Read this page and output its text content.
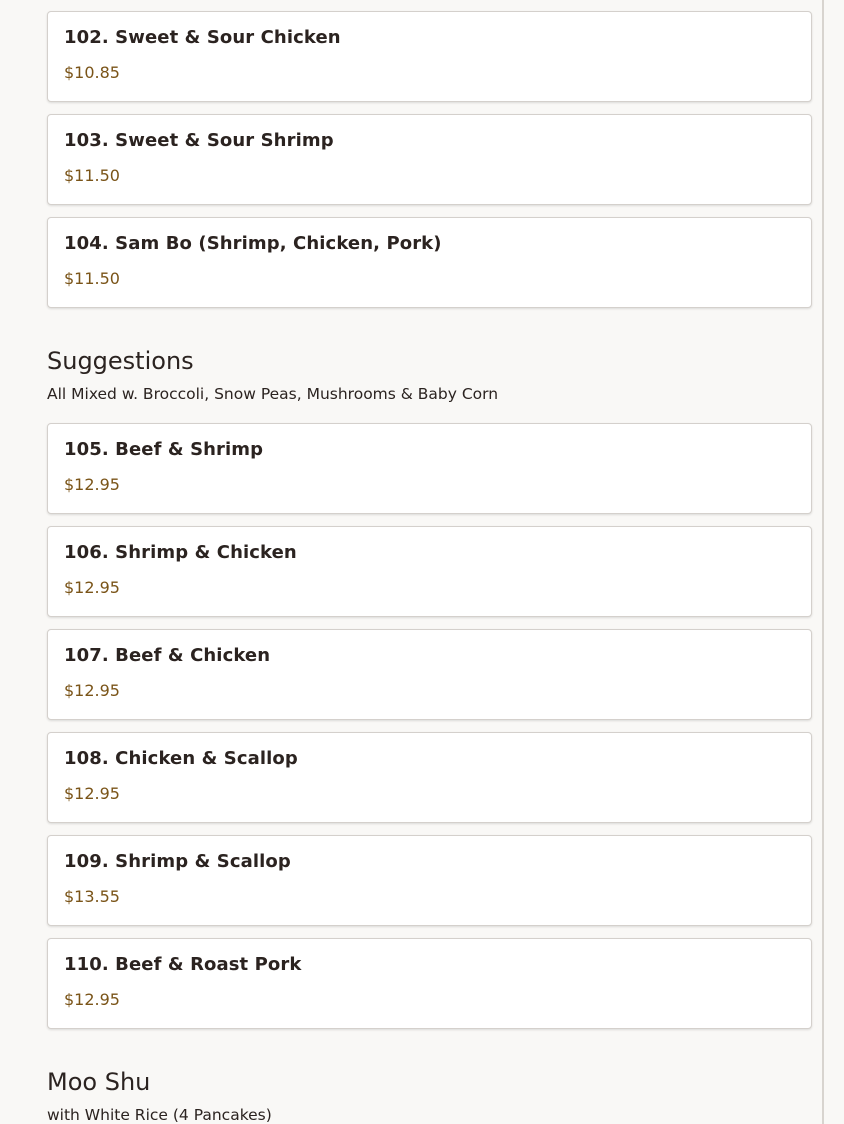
102. Sweet & Sour Chicken
$10.85
103. Sweet & Sour Shrimp
$11.50
104. Sam Bo (Shrimp, Chicken, Pork)
$11.50
Suggestions
All Mixed w. Broccoli, Snow Peas, Mushrooms & Baby Corn
105. Beef & Shrimp
$12.95
106. Shrimp & Chicken
$12.95
107. Beef & Chicken
$12.95
108. Chicken & Scallop
$12.95
109. Shrimp & Scallop
$13.55
110. Beef & Roast Pork
$12.95
Moo Shu
with White Rice (4 Pancakes)
